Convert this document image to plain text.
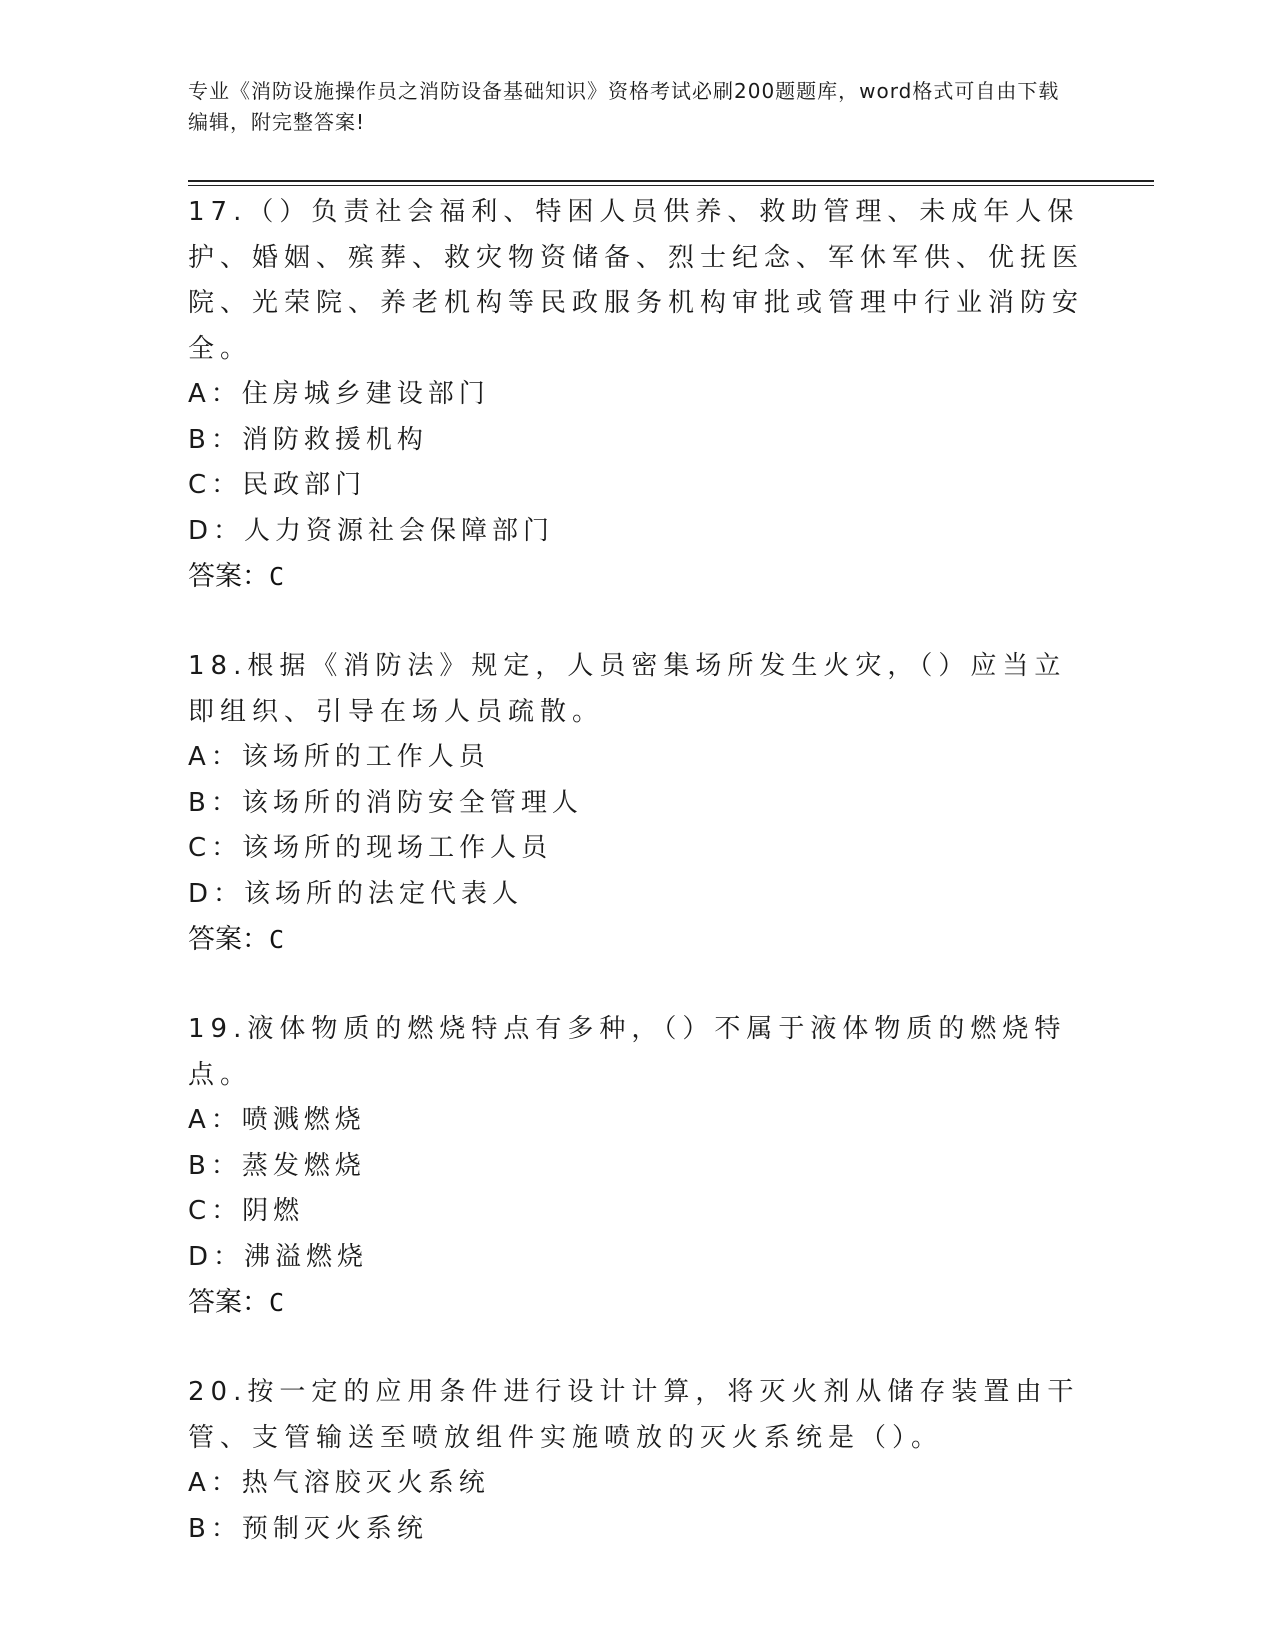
专业《消防设施操作员之消防设备基础知识》资格考试必刷200题题库，word格式可自由下载编辑，附完整答案!

17.（）负责社会福利、特困人员供养、救助管理、未成年人保护、婚姻、殡葬、救灾物资储备、烈士纪念、军休军供、优抚医院、光荣院、养老机构等民政服务机构审批或管理中行业消防安全。

A：住房城乡建设部门

B：消防救援机构

C：民政部门

D：人力资源社会保障部门

答案：C

18.根据《消防法》规定，人员密集场所发生火灾，（）应当立即组织、引导在场人员疏散。

A：该场所的工作人员

B：该场所的消防安全管理人

C：该场所的现场工作人员

D：该场所的法定代表人

答案：C

19.液体物质的燃烧特点有多种，（）不属于液体物质的燃烧特点。

A：喷溅燃烧

B：蒸发燃烧

C：阴燃

D：沸溢燃烧

答案：C

20.按一定的应用条件进行设计计算，将灭火剂从储存装置由干管、支管输送至喷放组件实施喷放的灭火系统是（）。

A：热气溶胶灭火系统

B：预制灭火系统
